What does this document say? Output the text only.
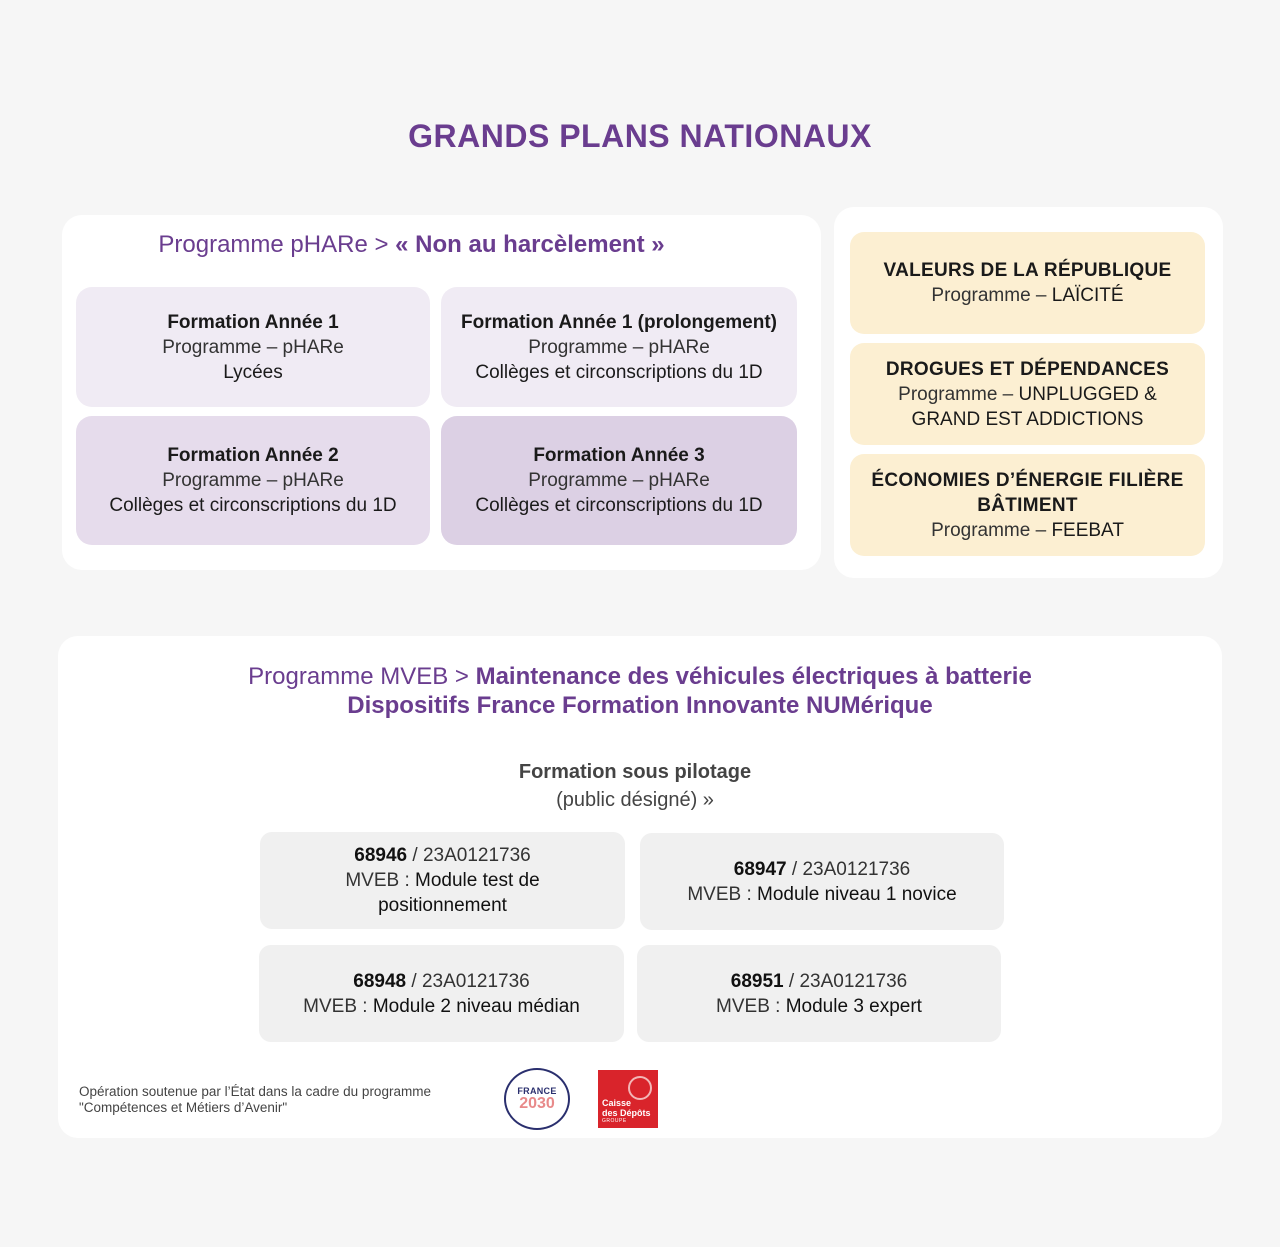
GRANDS PLANS NATIONAUX
Programme pHARe > « Non au harcèlement »
Formation Année 1
Programme – pHARe
Lycées
Formation Année 1 (prolongement)
Programme – pHARe
Collèges et circonscriptions du 1D
Formation Année 2
Programme – pHARe
Collèges et circonscriptions du 1D
Formation Année 3
Programme – pHARe
Collèges et circonscriptions du 1D
VALEURS DE LA RÉPUBLIQUE
Programme – LAÏCITÉ
DROGUES ET DÉPENDANCES
Programme – UNPLUGGED &
GRAND EST ADDICTIONS
ÉCONOMIES D’ÉNERGIE FILIÈRE
BÂTIMENT
Programme – FEEBAT
Programme MVEB > Maintenance des véhicules électriques à batterie
Dispositifs France Formation Innovante NUMérique
Formation sous pilotage
(public désigné) »
68946 / 23A0121736
MVEB : Module test de
positionnement
68947 / 23A0121736
MVEB : Module niveau 1 novice
68948 / 23A0121736
MVEB : Module 2 niveau médian
68951 / 23A0121736
MVEB : Module 3 expert
Opération soutenue par l’État dans la cadre du programme
"Compétences et Métiers d’Avenir"
FRANCE
2030	Caisse
des Dépôts
GROUPE
